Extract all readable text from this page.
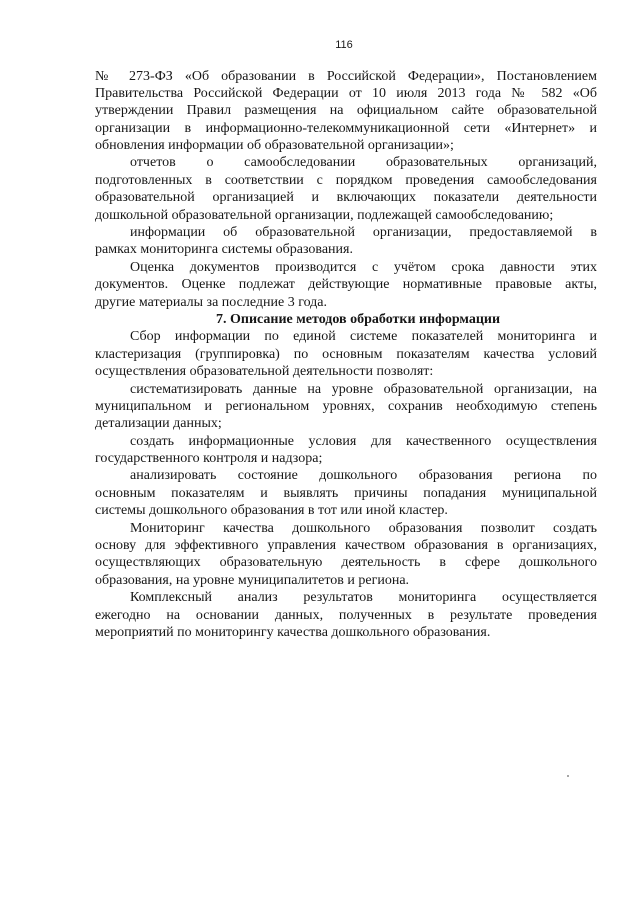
116
№ 273-ФЗ «Об образовании в Российской Федерации», Постановлением
Правительства Российской Федерации от 10 июля 2013 года № 582 «Об
утверждении Правил размещения на официальном сайте образовательной
организации в информационно-телекоммуникационной сети «Интернет» и
обновления информации об образовательной организации»;
отчетов о самообследовании образовательных организаций,
подготовленных в соответствии с порядком проведения самообследования
образовательной организацией и включающих показатели деятельности
дошкольной образовательной организации, подлежащей самообследованию;
информации об образовательной организации, предоставляемой в
рамках мониторинга системы образования.
Оценка документов производится с учётом срока давности этих
документов. Оценке подлежат действующие нормативные правовые акты,
другие материалы за последние 3 года.
7. Описание методов обработки информации
Сбор информации по единой системе показателей мониторинга и
кластеризация (группировка) по основным показателям качества условий
осуществления образовательной деятельности позволят:
систематизировать данные на уровне образовательной организации, на
муниципальном и региональном уровнях, сохранив необходимую степень
детализации данных;
создать информационные условия для качественного осуществления
государственного контроля и надзора;
анализировать состояние дошкольного образования региона по
основным показателям и выявлять причины попадания муниципальной
системы дошкольного образования в тот или иной кластер.
Мониторинг качества дошкольного образования позволит создать
основу для эффективного управления качеством образования в организациях,
осуществляющих образовательную деятельность в сфере дошкольного
образования, на уровне муниципалитетов и региона.
Комплексный анализ результатов мониторинга осуществляется
ежегодно на основании данных, полученных в результате проведения
мероприятий по мониторингу качества дошкольного образования.
